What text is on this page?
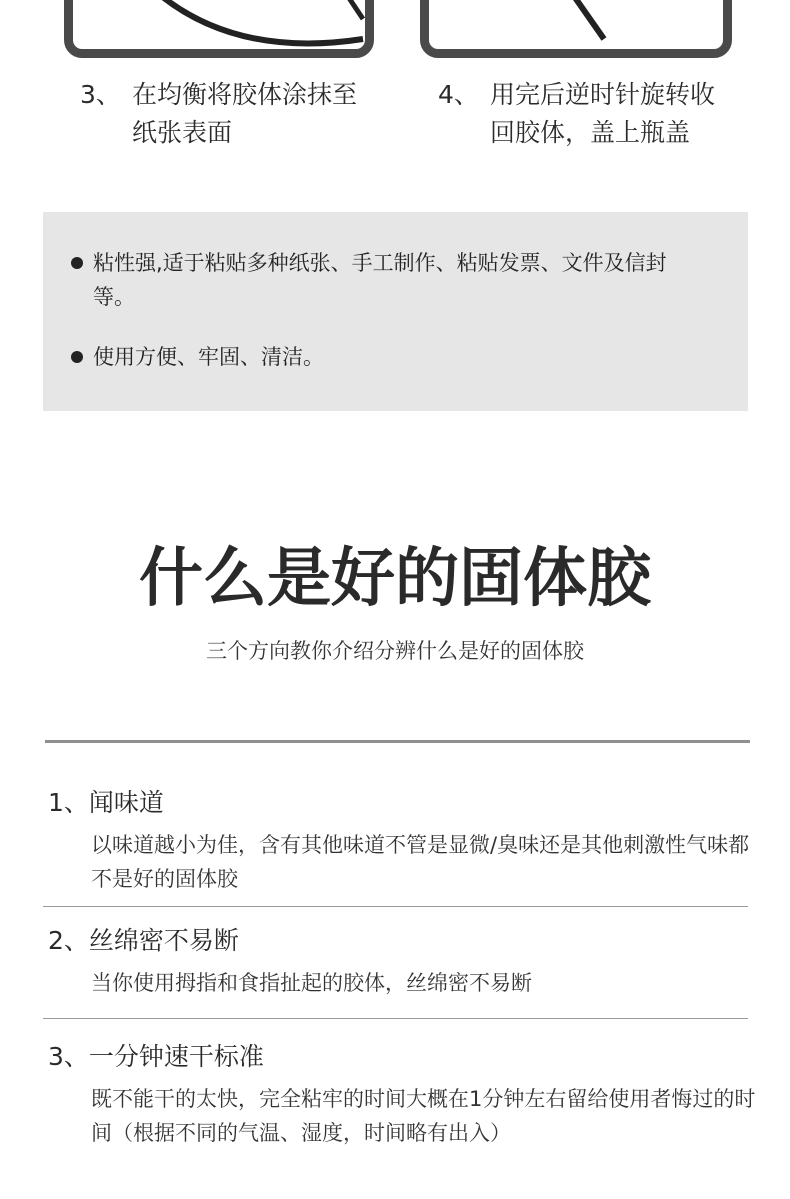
3、 在均衡将胶体涂抹至纸张表面
4、 用完后逆时针旋转收回胶体，盖上瓶盖
粘性强,适于粘贴多种纸张、手工制作、粘贴发票、文件及信封等。
使用方便、牢固、清洁。
什么是好的固体胶
三个方向教你介绍分辨什么是好的固体胶
1、闻味道
以味道越小为佳，含有其他味道不管是显微/臭味还是其他刺激性气味都不是好的固体胶
2、丝绵密不易断
当你使用拇指和食指扯起的胶体，丝绵密不易断
3、一分钟速干标准
既不能干的太快，完全粘牢的时间大概在1分钟左右留给使用者悔过的时间（根据不同的气温、湿度，时间略有出入）
